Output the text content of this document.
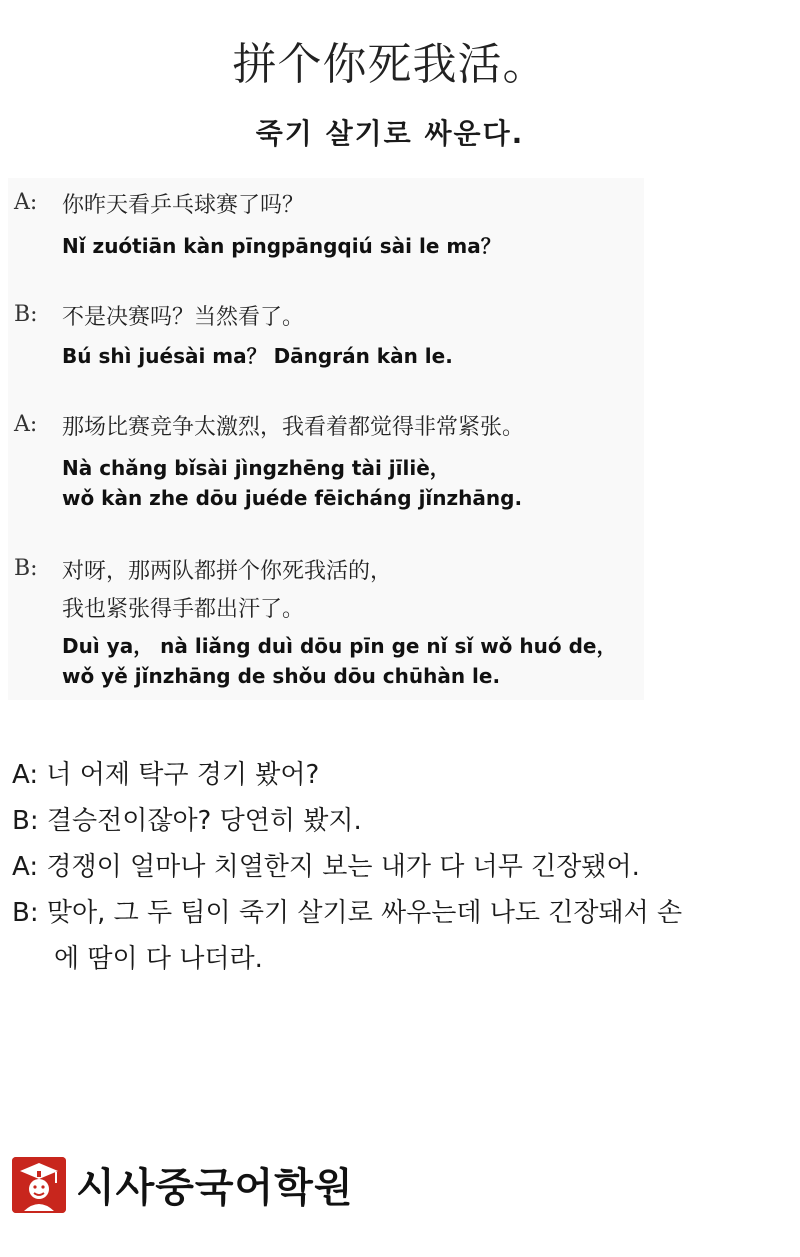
拼个你死我活。
죽기 살기로 싸운다.
A: 你昨天看乒乓球赛了吗？
Nǐ zuótiān kàn pīngpāngqiú sài le ma？
B: 不是决赛吗？当然看了。
Bú shì juésài ma？ Dāngrán kàn le.
A: 那场比赛竞争太激烈，我看着都觉得非常紧张。
Nà chǎng bǐsài jìngzhēng tài jīliè，
wǒ kàn zhe dōu juéde fēicháng jǐnzhāng.
B: 对呀，那两队都拼个你死我活的，
我也紧张得手都出汗了。
Duì ya， nà liǎng duì dōu pīn ge nǐ sǐ wǒ huó de，
wǒ yě jǐnzhāng de shǒu dōu chūhàn le.
A: 너 어제 탁구 경기 봤어?
B: 결승전이잖아? 당연히 봤지.
A: 경쟁이 얼마나 치열한지 보는 내가 다 너무 긴장됐어.
B: 맞아, 그 두 팀이 죽기 살기로 싸우는데 나도 긴장돼서 손
에 땀이 다 나더라.
시사중국어학원
